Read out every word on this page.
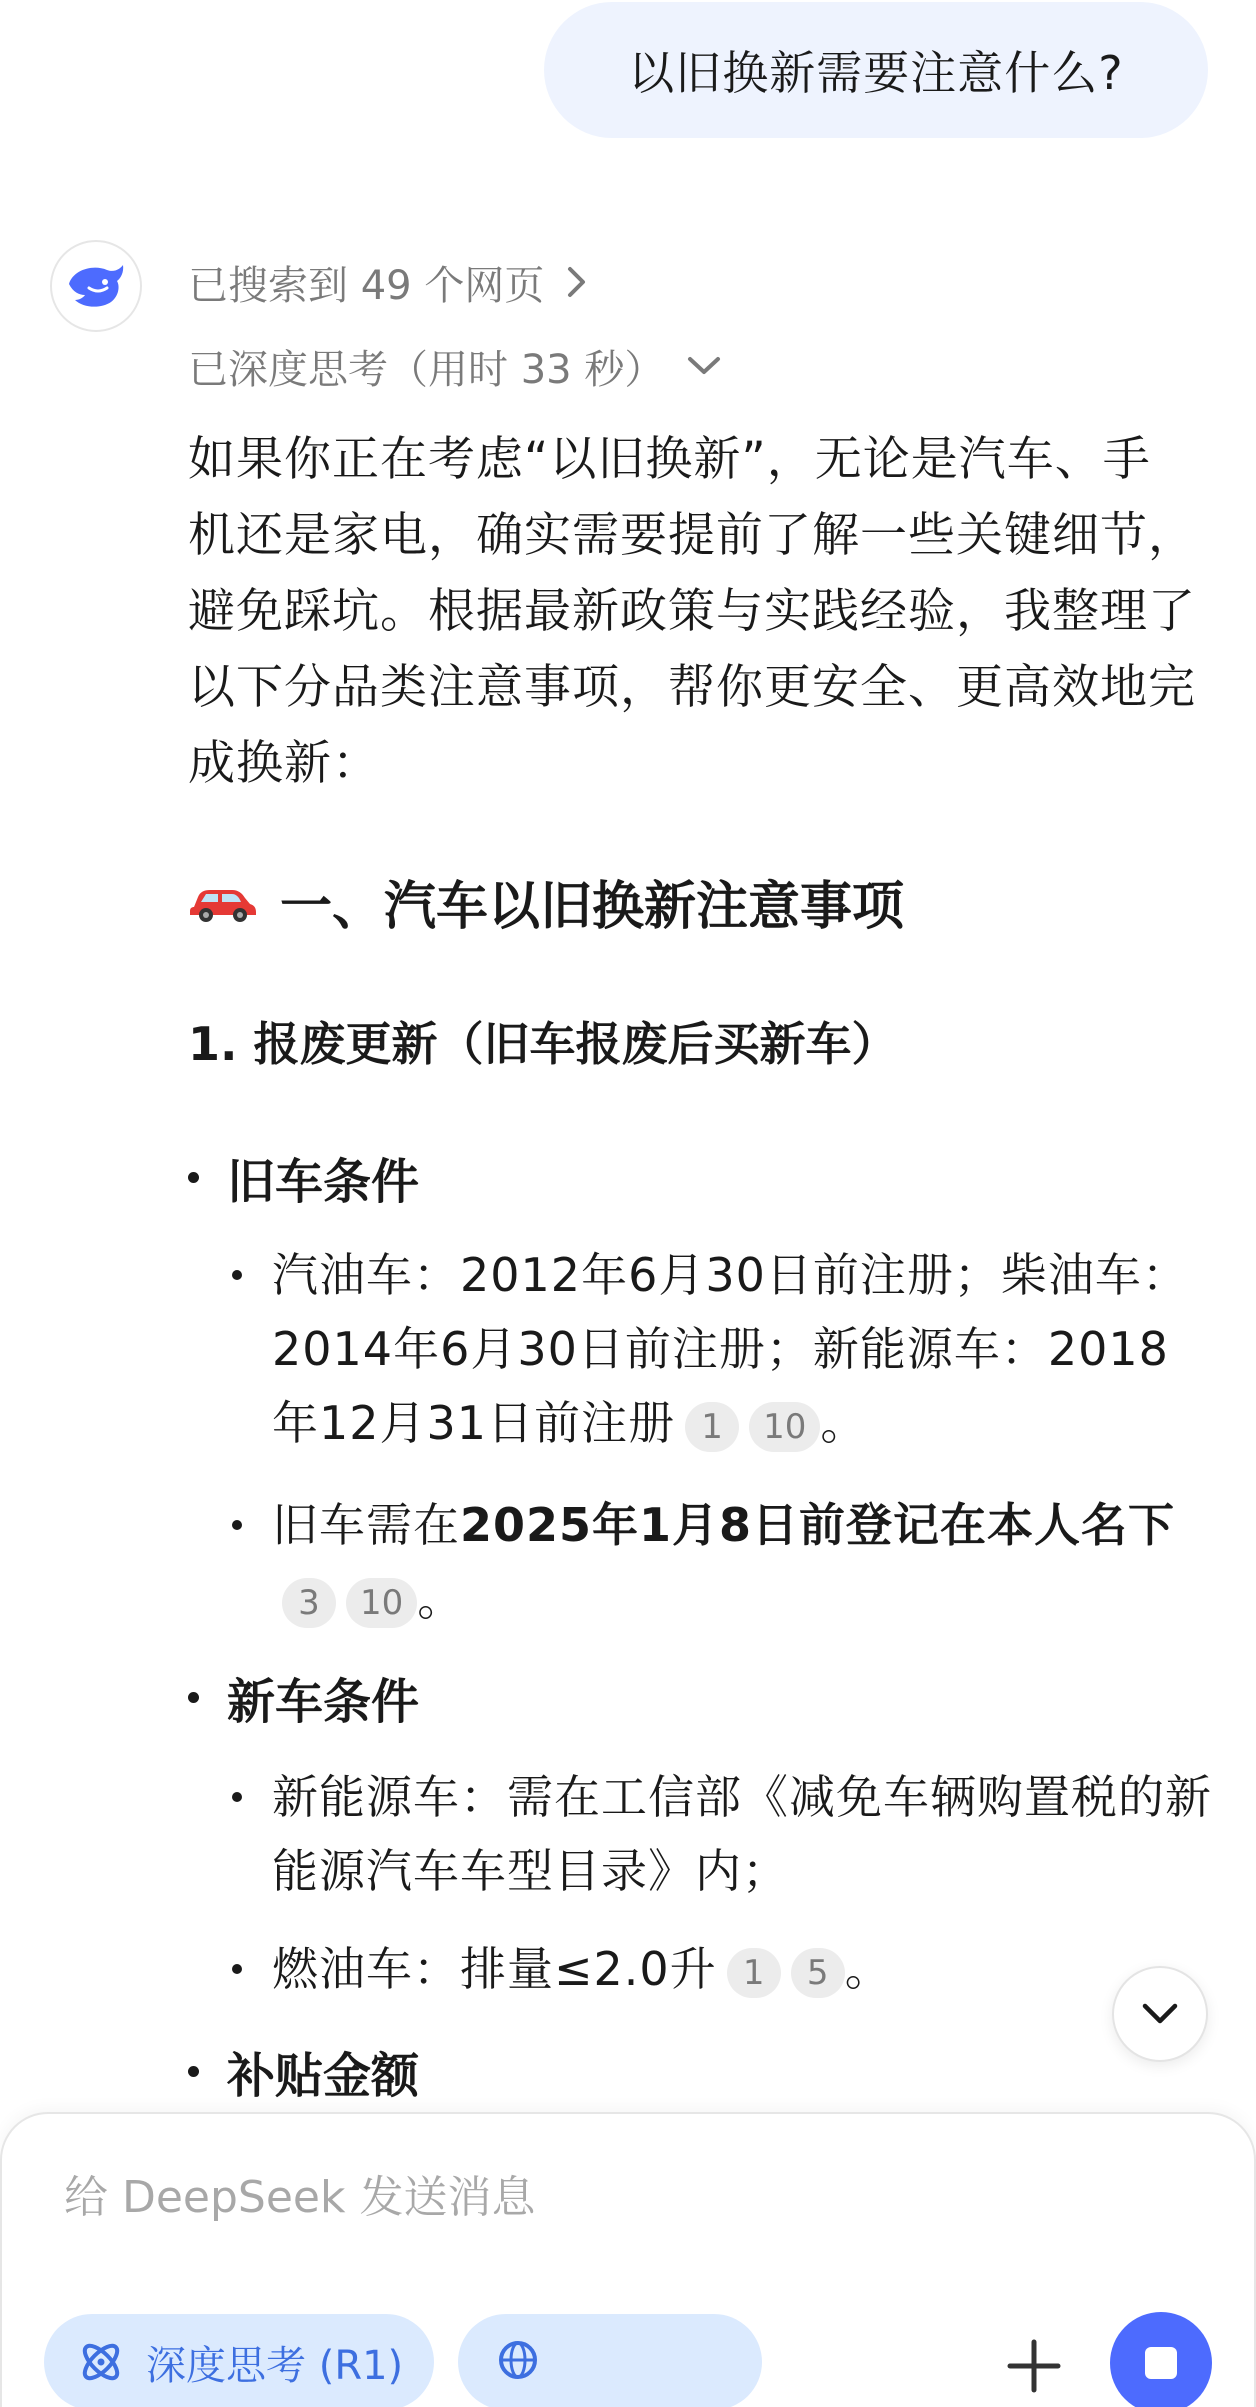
以旧换新需要注意什么?
已搜索到 49 个网页
已深度思考（用时 33 秒）

如果你正在考虑“以旧换新”，无论是汽车、手机还是家电，确实需要提前了解一些关键细节，避免踩坑。根据最新政策与实践经验，我整理了以下分品类注意事项，帮你更安全、更高效地完成换新：

一、汽车以旧换新注意事项
1. 报废更新（旧车报废后买新车）
旧车条件
汽油车：2012年6月30日前注册；柴油车：2014年6月30日前注册；新能源车：2018年12月31日前注册 1 10 。
旧车需在2025年1月8日前登记在本人名下3 10 。
新车条件
新能源车：需在工信部《减免车辆购置税的新能源汽车车型目录》内；
燃油车：排量≤2.0升 1 5 。
补贴金额
给 DeepSeek 发送消息
深度思考 (R1)
